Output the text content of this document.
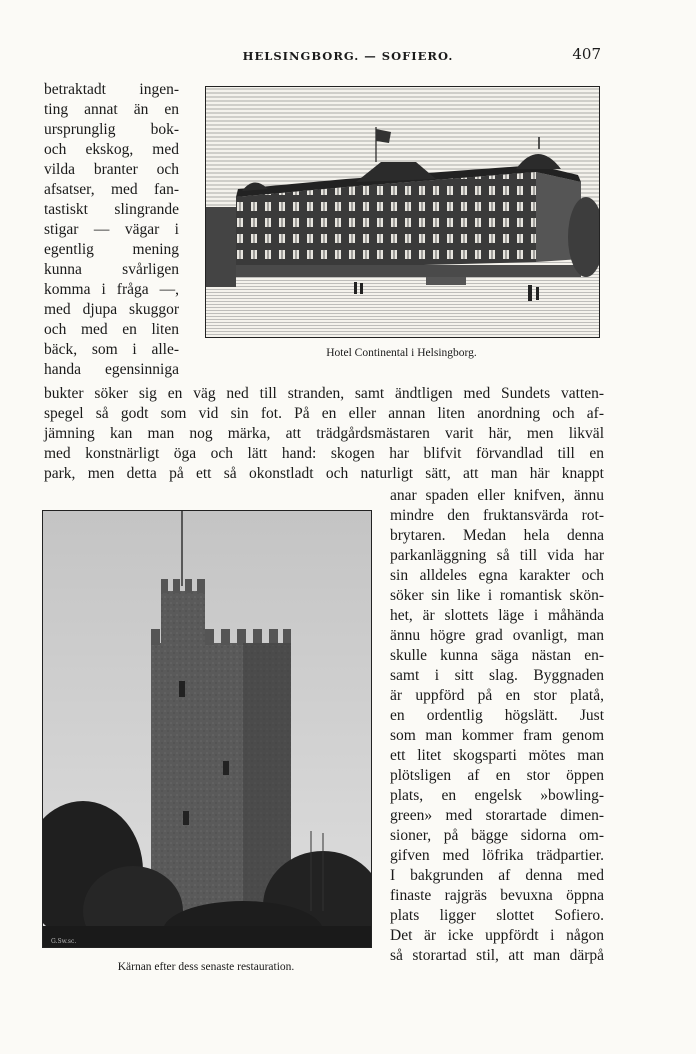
HELSINGBORG. — SOFIERO.	407
betraktadt ingen-
ting annat än en
ursprunglig bok-
och ekskog, med
vilda branter och
afsatser, med fan-
tastiskt slingrande
stigar — vägar i
egentlig mening
kunna svårligen
komma i fråga —,
med djupa skuggor
och med en liten
bäck, som i alle-
handa egensinniga
Hotel Continental i Helsingborg.
bukter söker sig en väg ned till stranden, samt ändtligen med Sundets vatten-
spegel så godt som vid sin fot. På en eller annan liten anordning och af-
jämning kan man nog märka, att trädgårdsmästaren varit här, men likväl
med konstnärligt öga och lätt hand: skogen har blifvit förvandlad till en
park, men detta på ett så okonstladt och naturligt sätt, att man här knappt
G.Sw.sc.
Kärnan efter dess senaste restauration.
anar spaden eller knifven, ännu
mindre den fruktansvärda rot-
brytaren. Medan hela denna
parkanläggning så till vida har
sin alldeles egna karakter och
söker sin like i romantisk skön-
het, är slottets läge i måhända
ännu högre grad ovanligt, man
skulle kunna säga nästan en-
samt i sitt slag. Byggnaden
är uppförd på en stor platå,
en ordentlig högslätt. Just
som man kommer fram genom
ett litet skogsparti mötes man
plötsligen af en stor öppen
plats, en engelsk »bowling-
green» med storartade dimen-
sioner, på bägge sidorna om-
gifven med löfrika trädpartier.
I bakgrunden af denna med
finaste rajgräs bevuxna öppna
plats ligger slottet Sofiero.
Det är icke uppfördt i någon
så storartad stil, att man därpå
